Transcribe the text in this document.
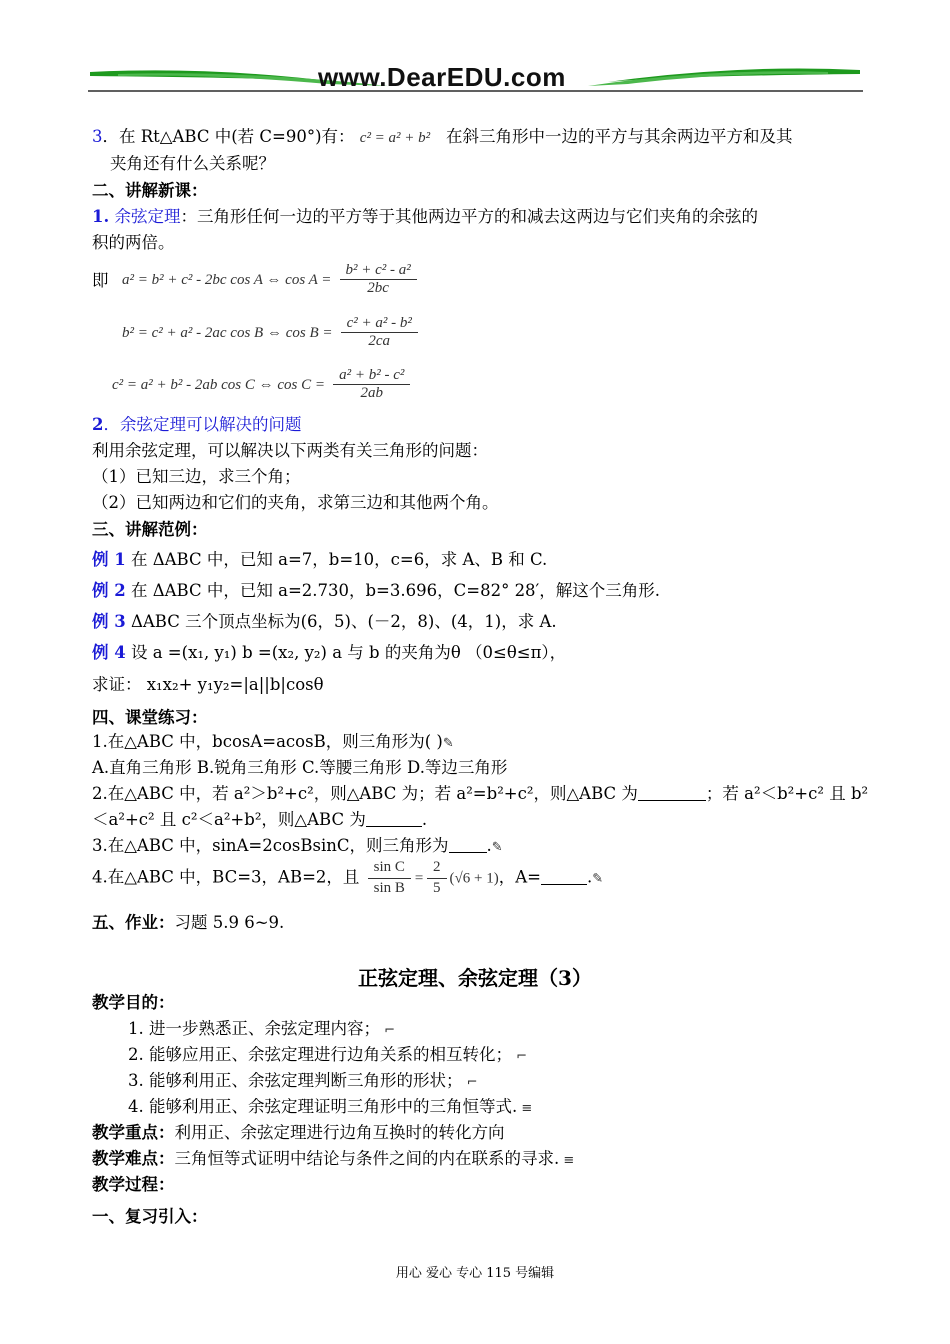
www.DearEDU.com
3．在 Rt△ABC 中(若 C=90°)有： c² = a² + b² 在斜三角形中一边的平方与其余两边平方和及其
夹角还有什么关系呢？
二、讲解新课：
1. 余弦定理：三角形任何一边的平方等于其他两边平方的和减去这两边与它们夹角的余弦的
积的两倍。
即 a² = b² + c² - 2bc cos A ⇔ $\cos A = \frac{\text{b² + c² - a²}}{2bc}$
b² = c² + a² - 2ac cos B ⇔ $\cos B = \frac{\text{c² + a² - b²}}{2ca}$
c² = a² + b² - 2ab cos C ⇔ $\cos C = \frac{\text{a² + b² - c²}}{2ab}$
2．余弦定理可以解决的问题
利用余弦定理，可以解决以下两类有关三角形的问题：
（1）已知三边，求三个角；
（2）已知两边和它们的夹角，求第三边和其他两个角。
三、讲解范例：
例 1 在 ΔABC 中，已知 a=7，b=10，c=6，求 A、B 和 C.
例 2 在 ΔABC 中，已知 a=2.730，b=3.696，C=82° 28′，解这个三角形.
例 3 ΔABC 三个顶点坐标为(6，5)、(－2，8)、(4，1)，求 A.
例 4 设 a =(x₁, y₁) b =(x₂, y₂) a 与 b 的夹角为θ （0≤θ≤π），
求证： x₁x₂+ y₁y₂=|a||b|cosθ
四、课堂练习：
1.在△ABC 中，bcosA=acosB，则三角形为( )✎
A.直角三角形 B.锐角三角形 C.等腰三角形 D.等边三角形
2.在△ABC 中，若 a²＞b²+c²，则△ABC 为；若 a²=b²+c²，则△ABC 为	；若 a²＜b²+c² 且 b²
＜a²+c² 且 c²＜a²+b²，则△ABC 为	.
3.在△ABC 中，sinA=2cosBsinC，则三角形为 .✎
4.在△ABC 中，BC=3，AB=2，且 $\frac{\text{sin C}}{\text{sin B}} = \frac{2}{5} (√6 + 1)$，A=	.✎
五、作业：习题 5.9 6~9.
正弦定理、余弦定理（3）
教学目的：
1. 进一步熟悉正、余弦定理内容； ⌐
2. 能够应用正、余弦定理进行边角关系的相互转化； ⌐
3. 能够利用正、余弦定理判断三角形的形状； ⌐
4. 能够利用正、余弦定理证明三角形中的三角恒等式. ≡
教学重点：利用正、余弦定理进行边角互换时的转化方向
教学难点：三角恒等式证明中结论与条件之间的内在联系的寻求. ≡
教学过程：
一、复习引入：
用心 爱心 专心 115 号编辑
